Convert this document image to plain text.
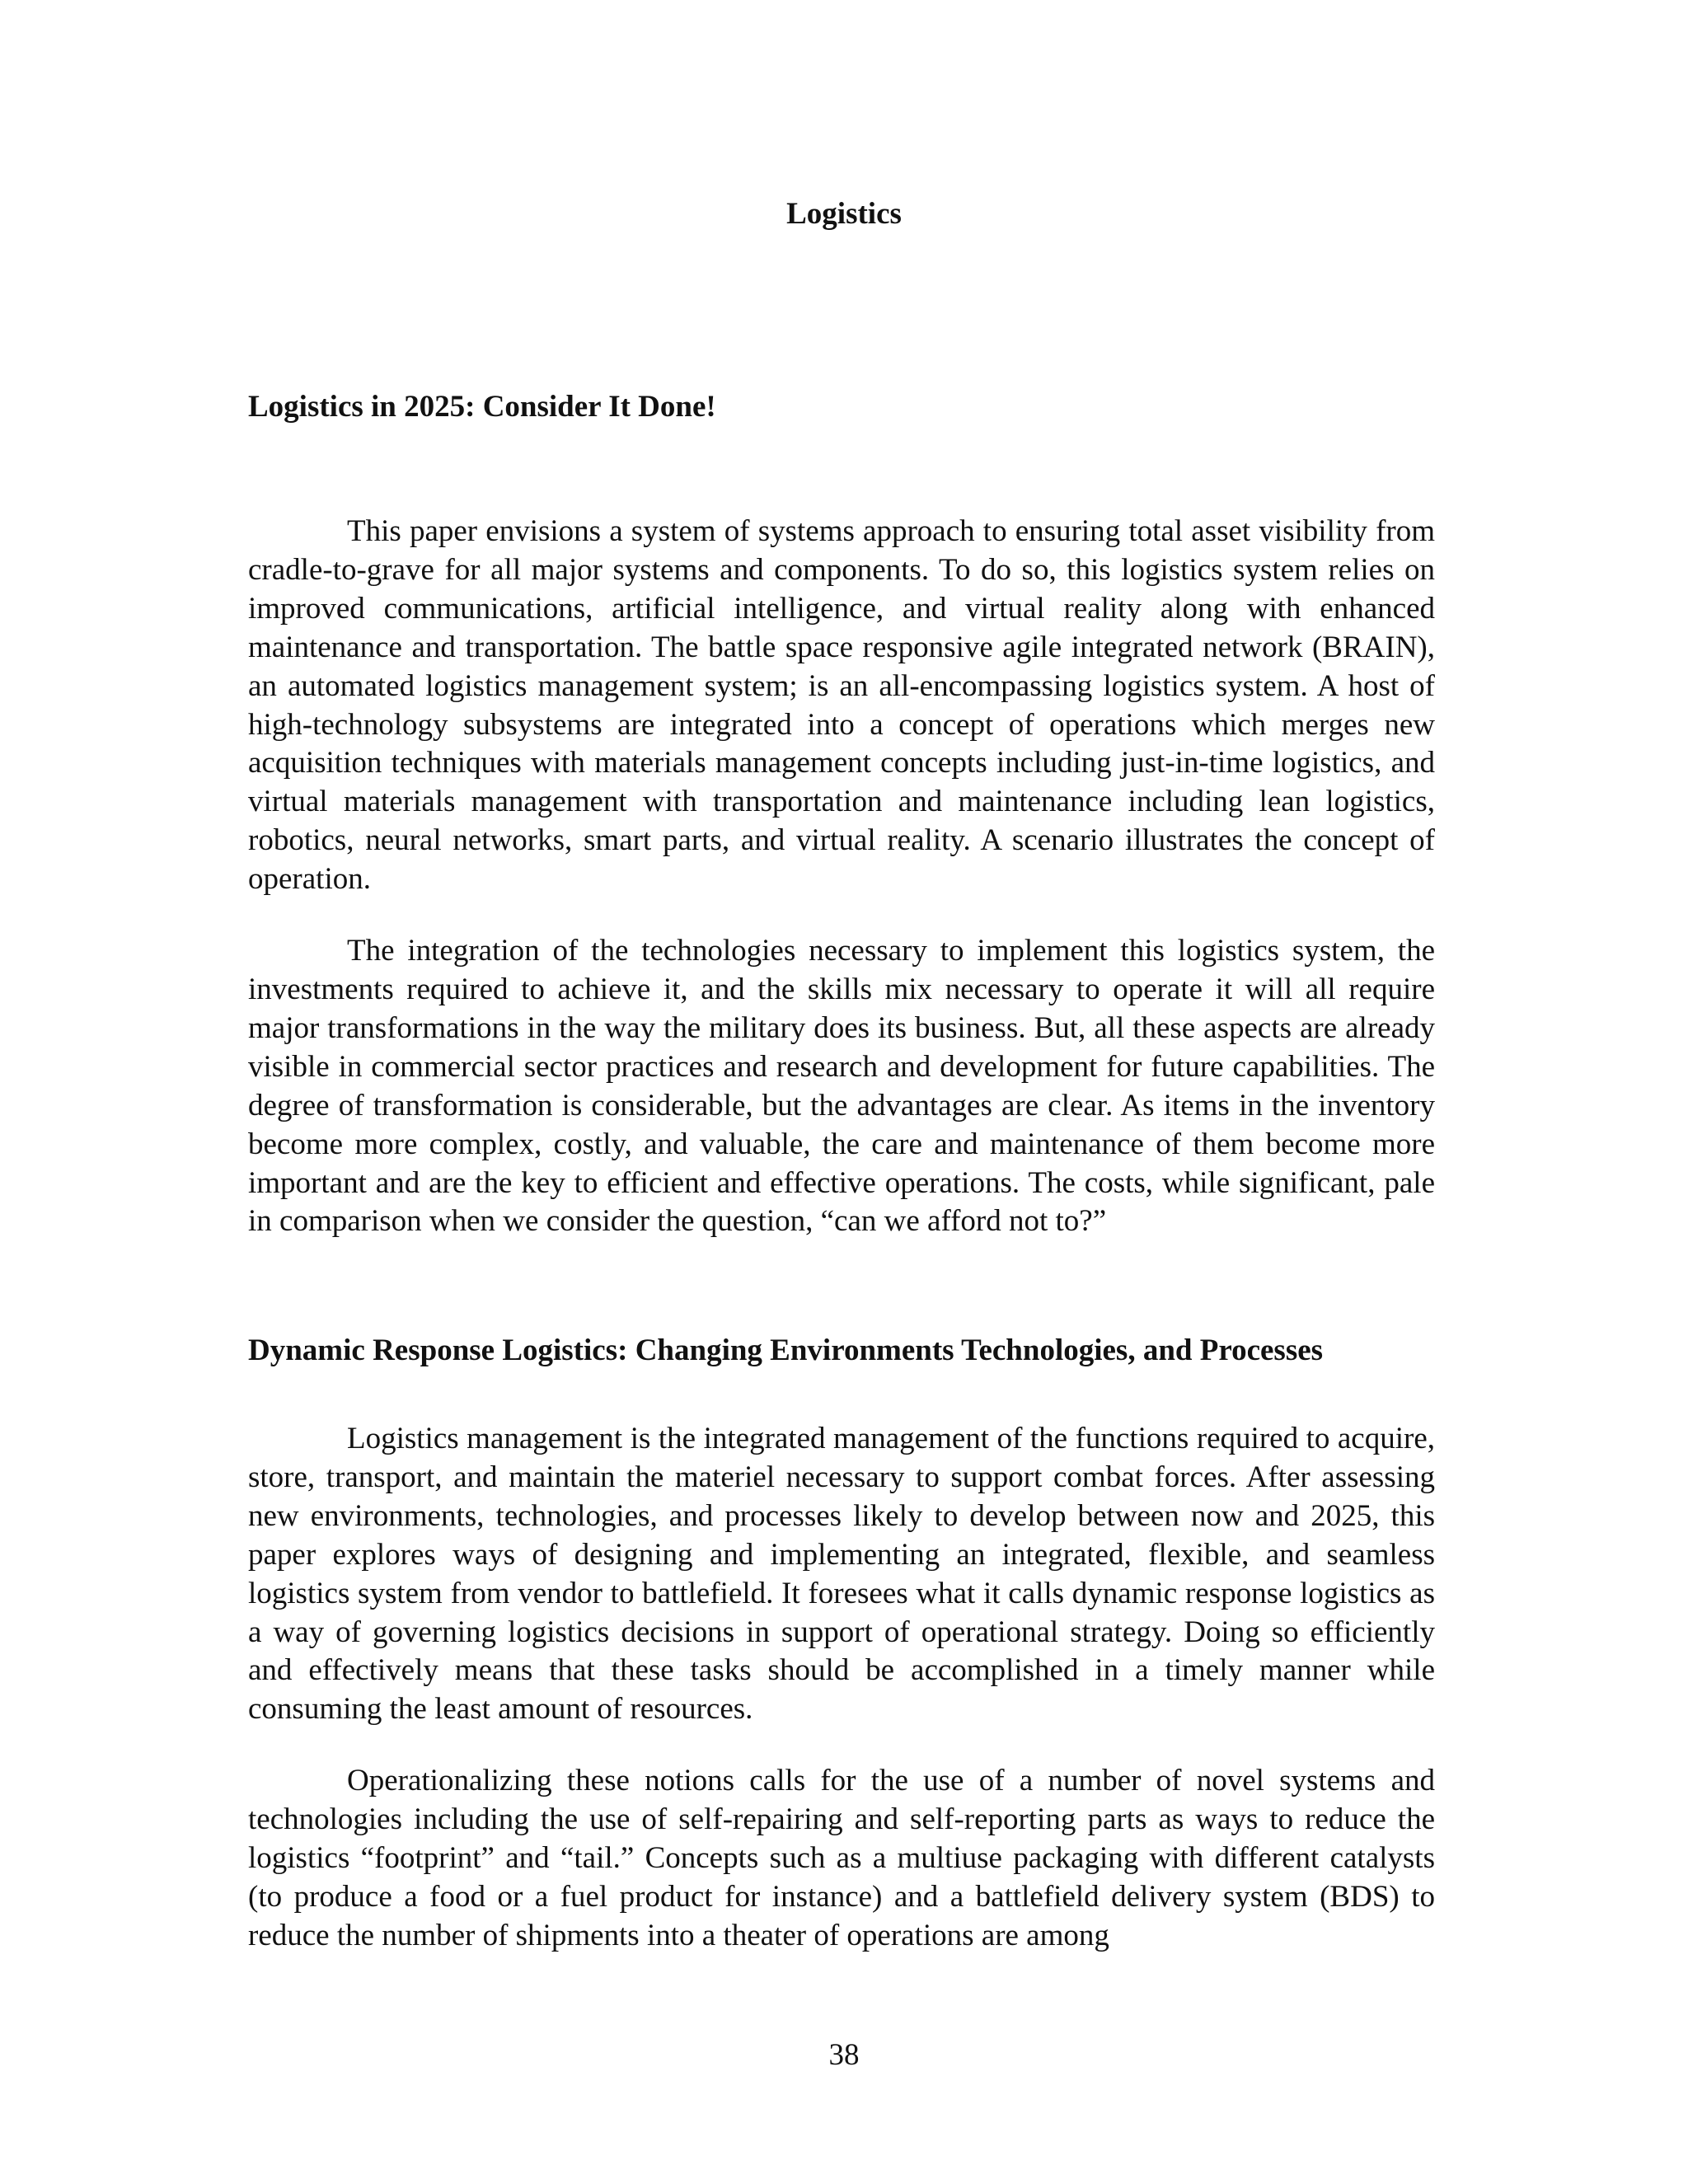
Logistics
Logistics in 2025: Consider It Done!

This paper envisions a system of systems approach to ensuring total asset visibility from cradle-to-grave for all major systems and components. To do so, this logistics system relies on improved communications, artificial intelligence, and virtual reality along with enhanced maintenance and transportation. The battle space responsive agile integrated network (BRAIN), an automated logistics management system; is an all-encompassing logistics system. A host of high-technology subsystems are integrated into a concept of operations which merges new acquisition techniques with materials management concepts including just-in-time logistics, and virtual materials management with transportation and maintenance including lean logistics, robotics, neural networks, smart parts, and virtual reality. A scenario illustrates the concept of operation.

The integration of the technologies necessary to implement this logistics system, the investments required to achieve it, and the skills mix necessary to operate it will all require major transformations in the way the military does its business. But, all these aspects are already visible in commercial sector practices and research and development for future capabilities. The degree of transformation is considerable, but the advantages are clear. As items in the inventory become more complex, costly, and valuable, the care and maintenance of them become more important and are the key to efficient and effective operations. The costs, while significant, pale in comparison when we consider the question, “can we afford not to?”

Dynamic Response Logistics: Changing Environments Technologies, and Processes

Logistics management is the integrated management of the functions required to acquire, store, transport, and maintain the materiel necessary to support combat forces. After assessing new environments, technologies, and processes likely to develop between now and 2025, this paper explores ways of designing and implementing an integrated, flexible, and seamless logistics system from vendor to battlefield. It foresees what it calls dynamic response logistics as a way of governing logistics decisions in support of operational strategy. Doing so efficiently and effectively means that these tasks should be accomplished in a timely manner while consuming the least amount of resources.

Operationalizing these notions calls for the use of a number of novel systems and technologies including the use of self-repairing and self-reporting parts as ways to reduce the logistics “footprint” and “tail.” Concepts such as a multiuse packaging with different catalysts (to produce a food or a fuel product for instance) and a battlefield delivery system (BDS) to reduce the number of shipments into a theater of operations are among

38
